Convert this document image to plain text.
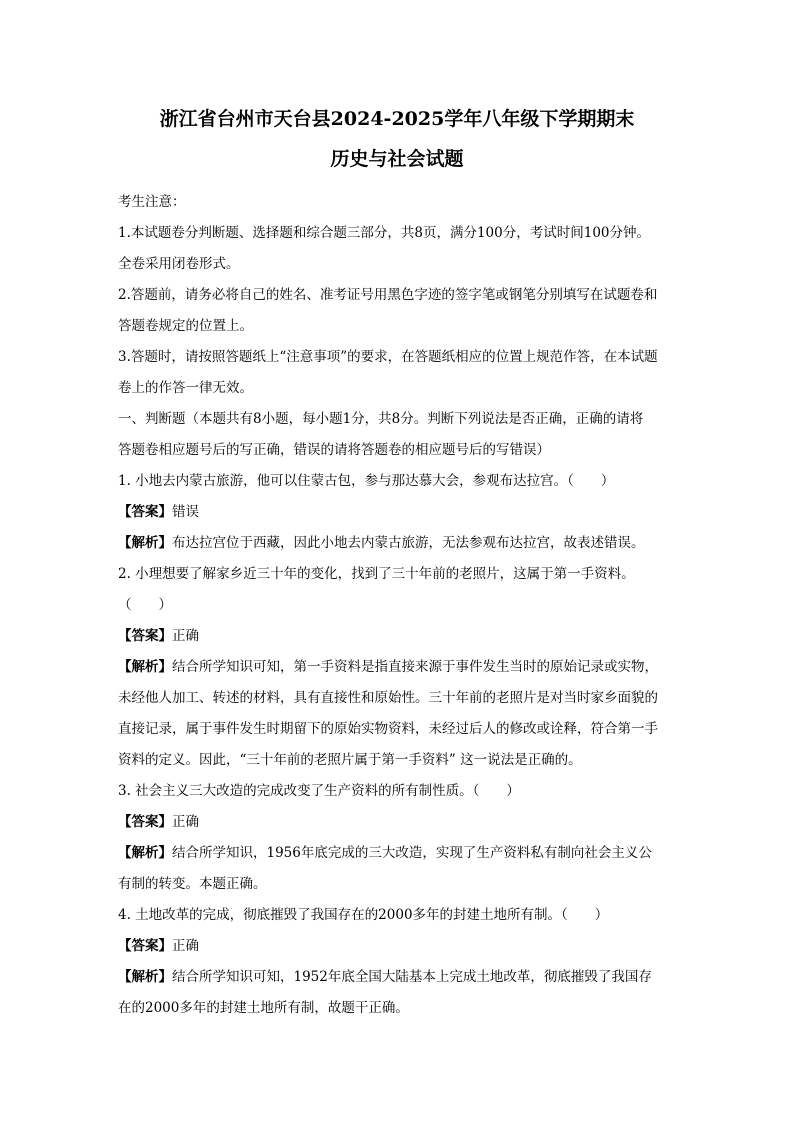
浙江省台州市天台县2024-2025学年八年级下学期期末
历史与社会试题
考生注意：
1.本试题卷分判断题、选择题和综合题三部分，共8页，满分100分，考试时间100分钟。
全卷采用闭卷形式。
2.答题前，请务必将自己的姓名、准考证号用黑色字迹的签字笔或钢笔分别填写在试题卷和
答题卷规定的位置上。
3.答题时，请按照答题纸上“注意事项”的要求，在答题纸相应的位置上规范作答，在本试题
卷上的作答一律无效。
一、判断题（本题共有8小题，每小题1分，共8分。判断下列说法是否正确，正确的请将
答题卷相应题号后的写正确，错误的请将答题卷的相应题号后的写错误）
1. 小地去内蒙古旅游，他可以住蒙古包，参与那达慕大会，参观布达拉宫。（　　）
【答案】错误
【解析】布达拉宫位于西藏，因此小地去内蒙古旅游，无法参观布达拉宫，故表述错误。
2. 小理想要了解家乡近三十年的变化，找到了三十年前的老照片，这属于第一手资料。
（　　）
【答案】正确
【解析】结合所学知识可知，第一手资料是指直接来源于事件发生当时的原始记录或实物，
未经他人加工、转述的材料，具有直接性和原始性。三十年前的老照片是对当时家乡面貌的
直接记录，属于事件发生时期留下的原始实物资料，未经过后人的修改或诠释，符合第一手
资料的定义。因此，“三十年前的老照片属于第一手资料” 这一说法是正确的。
3. 社会主义三大改造的完成改变了生产资料的所有制性质。（　　）
【答案】正确
【解析】结合所学知识，1956年底完成的三大改造，实现了生产资料私有制向社会主义公
有制的转变。本题正确。
4. 土地改革的完成，彻底摧毁了我国存在的2000多年的封建土地所有制。（　　）
【答案】正确
【解析】结合所学知识可知，1952年底全国大陆基本上完成土地改革，彻底摧毁了我国存
在的2000多年的封建土地所有制，故题干正确。
